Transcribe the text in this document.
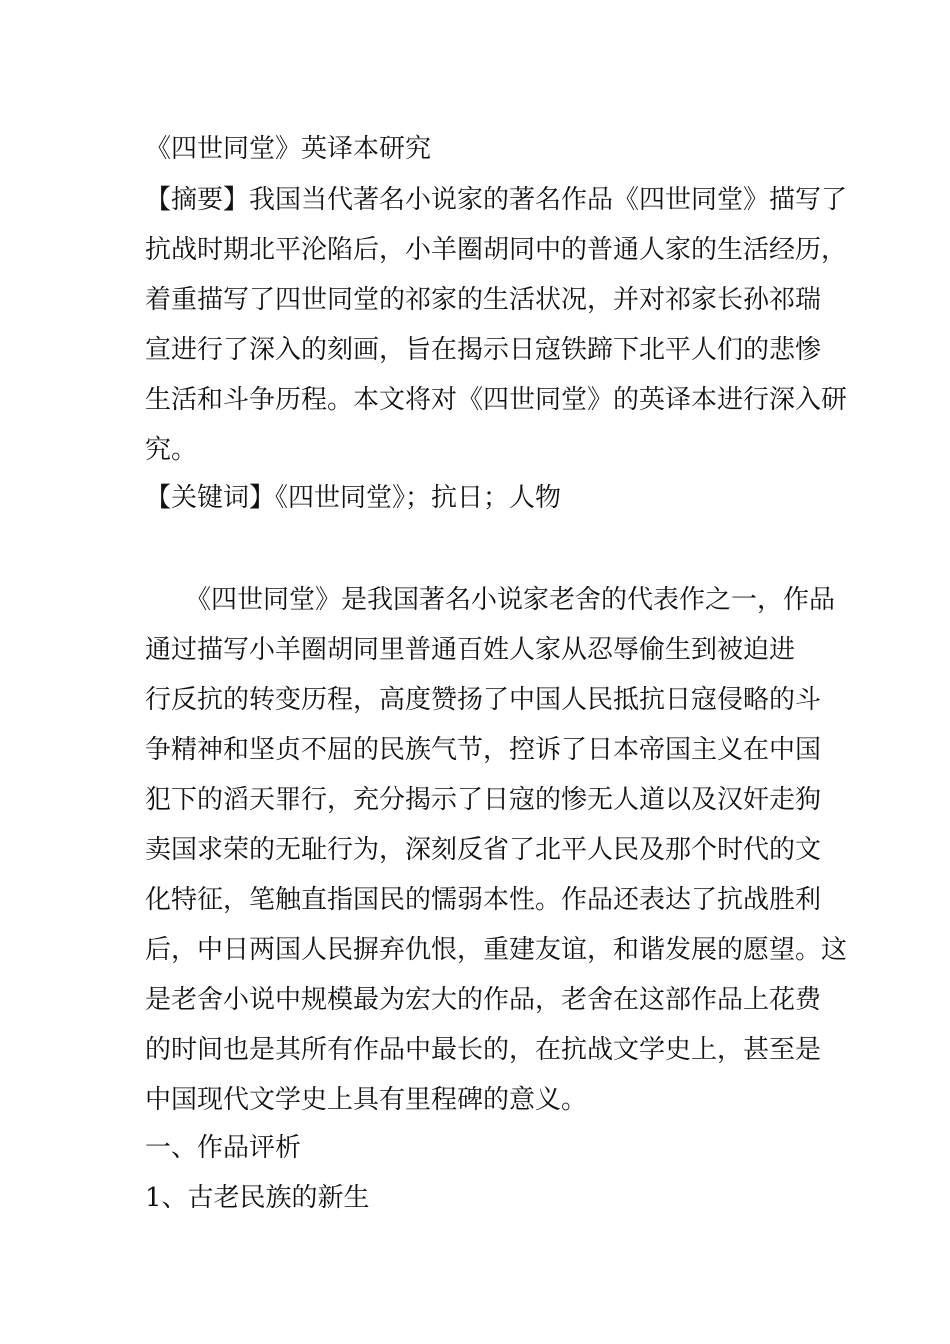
《四世同堂》英译本研究
【摘要】我国当代著名小说家的著名作品《四世同堂》描写了
抗战时期北平沦陷后，小羊圈胡同中的普通人家的生活经历，
着重描写了四世同堂的祁家的生活状况，并对祁家长孙祁瑞
宣进行了深入的刻画，旨在揭示日寇铁蹄下北平人们的悲惨
生活和斗争历程。本文将对《四世同堂》的英译本进行深入研
究。
【关键词】《四世同堂》；抗日；人物
《四世同堂》是我国著名小说家老舍的代表作之一，作品
通过描写小羊圈胡同里普通百姓人家从忍辱偷生到被迫进
行反抗的转变历程，高度赞扬了中国人民抵抗日寇侵略的斗
争精神和坚贞不屈的民族气节，控诉了日本帝国主义在中国
犯下的滔天罪行，充分揭示了日寇的惨无人道以及汉奸走狗
卖国求荣的无耻行为，深刻反省了北平人民及那个时代的文
化特征，笔触直指国民的懦弱本性。作品还表达了抗战胜利
后，中日两国人民摒弃仇恨，重建友谊，和谐发展的愿望。这
是老舍小说中规模最为宏大的作品，老舍在这部作品上花费
的时间也是其所有作品中最长的，在抗战文学史上，甚至是
中国现代文学史上具有里程碑的意义。
一、作品评析
1、古老民族的新生
